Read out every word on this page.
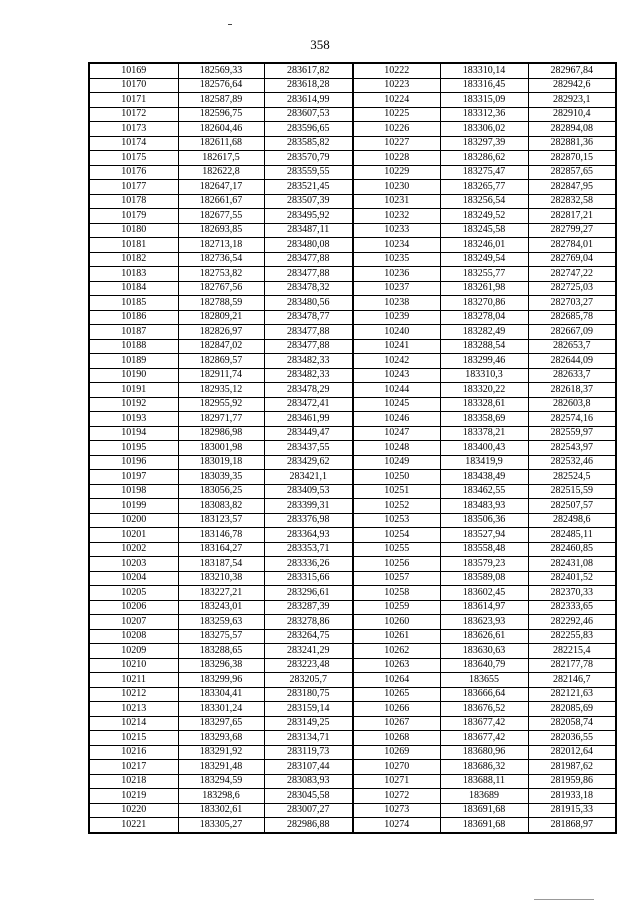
358
10169	182569,33	283617,82	10222	183310,14	282967,84
10170	182576,64	283618,28	10223	183316,45	282942,6
10171	182587,89	283614,99	10224	183315,09	282923,1
10172	182596,75	283607,53	10225	183312,36	282910,4
10173	182604,46	283596,65	10226	183306,02	282894,08
10174	182611,68	283585,82	10227	183297,39	282881,36
10175	182617,5	283570,79	10228	183286,62	282870,15
10176	182622,8	283559,55	10229	183275,47	282857,65
10177	182647,17	283521,45	10230	183265,77	282847,95
10178	182661,67	283507,39	10231	183256,54	282832,58
10179	182677,55	283495,92	10232	183249,52	282817,21
10180	182693,85	283487,11	10233	183245,58	282799,27
10181	182713,18	283480,08	10234	183246,01	282784,01
10182	182736,54	283477,88	10235	183249,54	282769,04
10183	182753,82	283477,88	10236	183255,77	282747,22
10184	182767,56	283478,32	10237	183261,98	282725,03
10185	182788,59	283480,56	10238	183270,86	282703,27
10186	182809,21	283478,77	10239	183278,04	282685,78
10187	182826,97	283477,88	10240	183282,49	282667,09
10188	182847,02	283477,88	10241	183288,54	282653,7
10189	182869,57	283482,33	10242	183299,46	282644,09
10190	182911,74	283482,33	10243	183310,3	282633,7
10191	182935,12	283478,29	10244	183320,22	282618,37
10192	182955,92	283472,41	10245	183328,61	282603,8
10193	182971,77	283461,99	10246	183358,69	282574,16
10194	182986,98	283449,47	10247	183378,21	282559,97
10195	183001,98	283437,55	10248	183400,43	282543,97
10196	183019,18	283429,62	10249	183419,9	282532,46
10197	183039,35	283421,1	10250	183438,49	282524,5
10198	183056,25	283409,53	10251	183462,55	282515,59
10199	183083,82	283399,31	10252	183483,93	282507,57
10200	183123,57	283376,98	10253	183506,36	282498,6
10201	183146,78	283364,93	10254	183527,94	282485,11
10202	183164,27	283353,71	10255	183558,48	282460,85
10203	183187,54	283336,26	10256	183579,23	282431,08
10204	183210,38	283315,66	10257	183589,08	282401,52
10205	183227,21	283296,61	10258	183602,45	282370,33
10206	183243,01	283287,39	10259	183614,97	282333,65
10207	183259,63	283278,86	10260	183623,93	282292,46
10208	183275,57	283264,75	10261	183626,61	282255,83
10209	183288,65	283241,29	10262	183630,63	282215,4
10210	183296,38	283223,48	10263	183640,79	282177,78
10211	183299,96	283205,7	10264	183655	282146,7
10212	183304,41	283180,75	10265	183666,64	282121,63
10213	183301,24	283159,14	10266	183676,52	282085,69
10214	183297,65	283149,25	10267	183677,42	282058,74
10215	183293,68	283134,71	10268	183677,42	282036,55
10216	183291,92	283119,73	10269	183680,96	282012,64
10217	183291,48	283107,44	10270	183686,32	281987,62
10218	183294,59	283083,93	10271	183688,11	281959,86
10219	183298,6	283045,58	10272	183689	281933,18
10220	183302,61	283007,27	10273	183691,68	281915,33
10221	183305,27	282986,88	10274	183691,68	281868,97
